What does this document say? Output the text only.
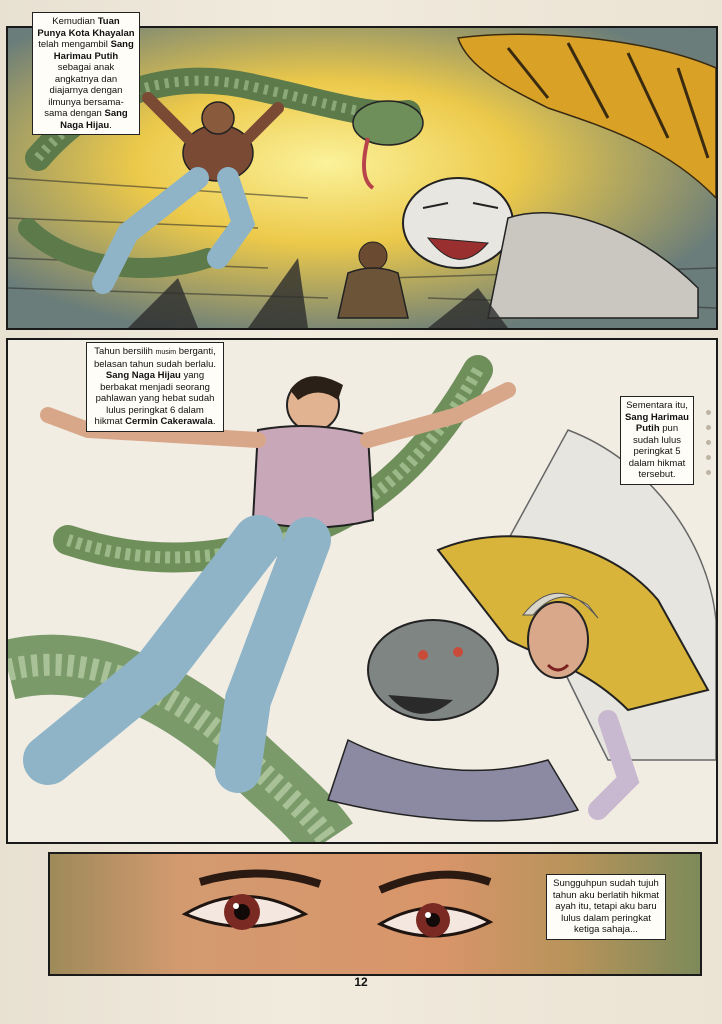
Kemudian Tuan Punya Kota Khayalan telah mengambil Sang Harimau Putih sebagai anak angkatnya dan diajarnya dengan ilmunya bersama-sama dengan Sang Naga Hijau.
Tahun bersilih musim berganti, belasan tahun sudah berlalu. Sang Naga Hijau yang berbakat menjadi seorang pahlawan yang hebat sudah lulus peringkat 6 dalam hikmat Cermin Cakerawala.
Sementara itu, Sang Harimau Putih pun sudah lulus peringkat 5 dalam hikmat tersebut.
Sungguhpun sudah tujuh tahun aku berlatih hikmat ayah itu, tetapi aku baru lulus dalam peringkat ketiga sahaja...
12
